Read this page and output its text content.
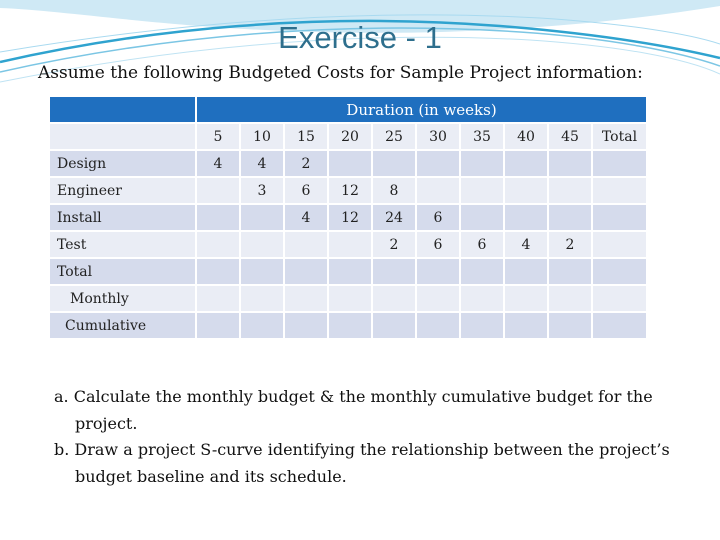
Exercise - 1
Assume the following Budgeted Costs for Sample Project information:
	Duration (in weeks)									
	5	10	15	20	25	30	35	40	45	Total
Design	4	4	2							
Engineer		3	6	12	8					
Install			4	12	24	6				
Test					2	6	6	4	2	
Total										
Monthly										
Cumulative										

a. Calculate the monthly budget & the monthly cumulative budget for the project.

b. Draw a project S-curve identifying the relationship between the project’s budget baseline and its schedule.
